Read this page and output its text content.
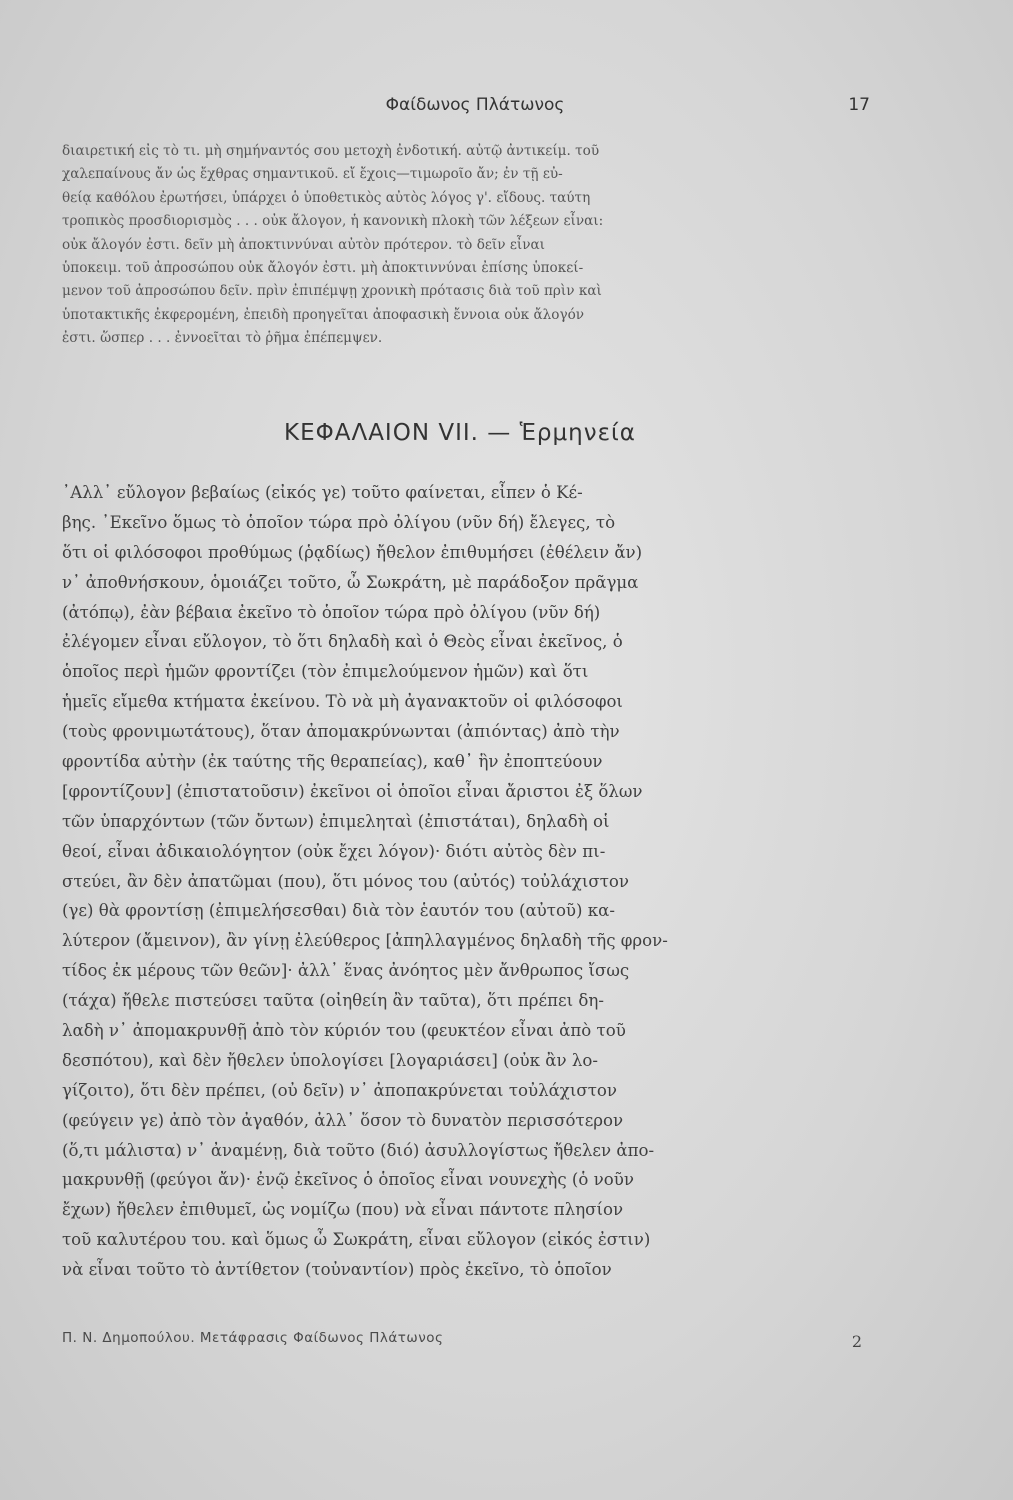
Φαίδωνος Πλάτωνος	17
διαιρετική εἰς τὸ τι. μὴ σημήναντός σου μετοχὴ ἐνδοτική. αὐτῷ ἀντικείμ. τοῦ
χαλεπαίνους ἄν ὡς ἔχθρας σημαντικοῦ. εἴ ἔχοις—τιμωροῖο ἄν; ἐν τῇ εὐ-
θείᾳ καθόλου ἐρωτήσει, ὑπάρχει ὁ ὑποθετικὸς αὐτὸς λόγος γ'. εἴδους. ταύτη
τροπικὸς προσδιορισμὸς . . . οὐκ ἄλογον, ἡ κανονικὴ πλοκὴ τῶν λέξεων εἶναι:
οὐκ ἄλογόν ἐστι. δεῖν μὴ ἀποκτιννύναι αὐτὸν πρότερον. τὸ δεῖν εἶναι
ὑποκειμ. τοῦ ἀπροσώπου οὐκ ἄλογόν ἐστι. μὴ ἀποκτιννύναι ἐπίσης ὑποκεί-
μενον τοῦ ἀπροσώπου δεῖν. πρὶν ἐπιπέμψῃ χρονικὴ πρότασις διὰ τοῦ πρὶν καὶ
ὑποτακτικῆς ἐκφερομένη, ἐπειδὴ προηγεῖται ἀποφασικὴ ἔννοια οὐκ ἄλογόν
ἐστι. ὥσπερ . . . ἐννοεῖται τὸ ῥῆμα ἐπέπεμψεν.
ΚΕΦΑΛΑΙΟΝ VII. — Ἑρμηνεία
᾿Αλλ᾿ εὔλογον βεβαίως (εἰκός γε) τοῦτο φαίνεται, εἶπεν ὁ Κέ-
βης. ᾿Εκεῖνο ὅμως τὸ ὁποῖον τώρα πρὸ ὀλίγου (νῦν δή) ἔλεγες, τὸ
ὅτι οἱ φιλόσοφοι προθύμως (ῥᾳδίως) ἤθελον ἐπιθυμήσει (ἐθέλειν ἄν)
ν᾿ ἀποθνήσκουν, ὁμοιάζει τοῦτο, ὦ Σωκράτη, μὲ παράδοξον πρᾶγμα
(ἀτόπῳ), ἐὰν βέβαια ἐκεῖνο τὸ ὁποῖον τώρα πρὸ ὀλίγου (νῦν δή)
ἐλέγομεν εἶναι εὔλογον, τὸ ὅτι δηλαδὴ καὶ ὁ Θεὸς εἶναι ἐκεῖνος, ὁ
ὁποῖος περὶ ἡμῶν φροντίζει (τὸν ἐπιμελούμενον ἡμῶν) καὶ ὅτι
ἡμεῖς εἴμεθα κτήματα ἐκείνου. Τὸ νὰ μὴ ἀγανακτοῦν οἱ φιλόσοφοι
(τοὺς φρονιμωτάτους), ὅταν ἀπομακρύνωνται (ἀπιόντας) ἀπὸ τὴν
φροντίδα αὐτὴν (ἐκ ταύτης τῆς θεραπείας), καθ᾿ ἣν ἐποπτεύουν
[φροντίζουν] (ἐπιστατοῦσιν) ἐκεῖνοι οἱ ὁποῖοι εἶναι ἄριστοι ἐξ ὅλων
τῶν ὑπαρχόντων (τῶν ὄντων) ἐπιμεληταὶ (ἐπιστάται), δηλαδὴ οἱ
θεοί, εἶναι ἀδικαιολόγητον (οὐκ ἔχει λόγον)· διότι αὐτὸς δὲν πι-
στεύει, ἂν δὲν ἀπατῶμαι (που), ὅτι μόνος του (αὐτός) τοὐλάχιστον
(γε) θὰ φροντίσῃ (ἐπιμελήσεσθαι) διὰ τὸν ἑαυτόν του (αὐτοῦ) κα-
λύτερον (ἄμεινον), ἂν γίνῃ ἐλεύθερος [ἀπηλλαγμένος δηλαδὴ τῆς φρον-
τίδος ἐκ μέρους τῶν θεῶν]· ἀλλ᾿ ἕνας ἀνόητος μὲν ἄνθρωπος ἴσως
(τάχα) ἤθελε πιστεύσει ταῦτα (οἰηθείη ἂν ταῦτα), ὅτι πρέπει δη-
λαδὴ ν᾿ ἀπομακρυνθῇ ἀπὸ τὸν κύριόν του (φευκτέον εἶναι ἀπὸ τοῦ
δεσπότου), καὶ δὲν ἤθελεν ὑπολογίσει [λογαριάσει] (οὐκ ἂν λο-
γίζοιτο), ὅτι δὲν πρέπει, (οὐ δεῖν) ν᾿ ἀποπακρύνεται τοὐλάχιστον
(φεύγειν γε) ἀπὸ τὸν ἀγαθόν, ἀλλ᾿ ὅσον τὸ δυνατὸν περισσότερον
(ὅ,τι μάλιστα) ν᾿ ἀναμένῃ, διὰ τοῦτο (διό) ἀσυλλογίστως ἤθελεν ἀπο-
μακρυνθῇ (φεύγοι ἄν)· ἐνῷ ἐκεῖνος ὁ ὁποῖος εἶναι νουνεχὴς (ὁ νοῦν
ἔχων) ἤθελεν ἐπιθυμεῖ, ὡς νομίζω (που) νὰ εἶναι πάντοτε πλησίον
τοῦ καλυτέρου του. καὶ ὅμως ὦ Σωκράτη, εἶναι εὔλογον (εἰκός ἐστιν)
νὰ εἶναι τοῦτο τὸ ἀντίθετον (τοὐναντίον) πρὸς ἐκεῖνο, τὸ ὁποῖον
Π. Ν. Δημοπούλου. Μετάφρασις Φαίδωνος Πλάτωνος	2
